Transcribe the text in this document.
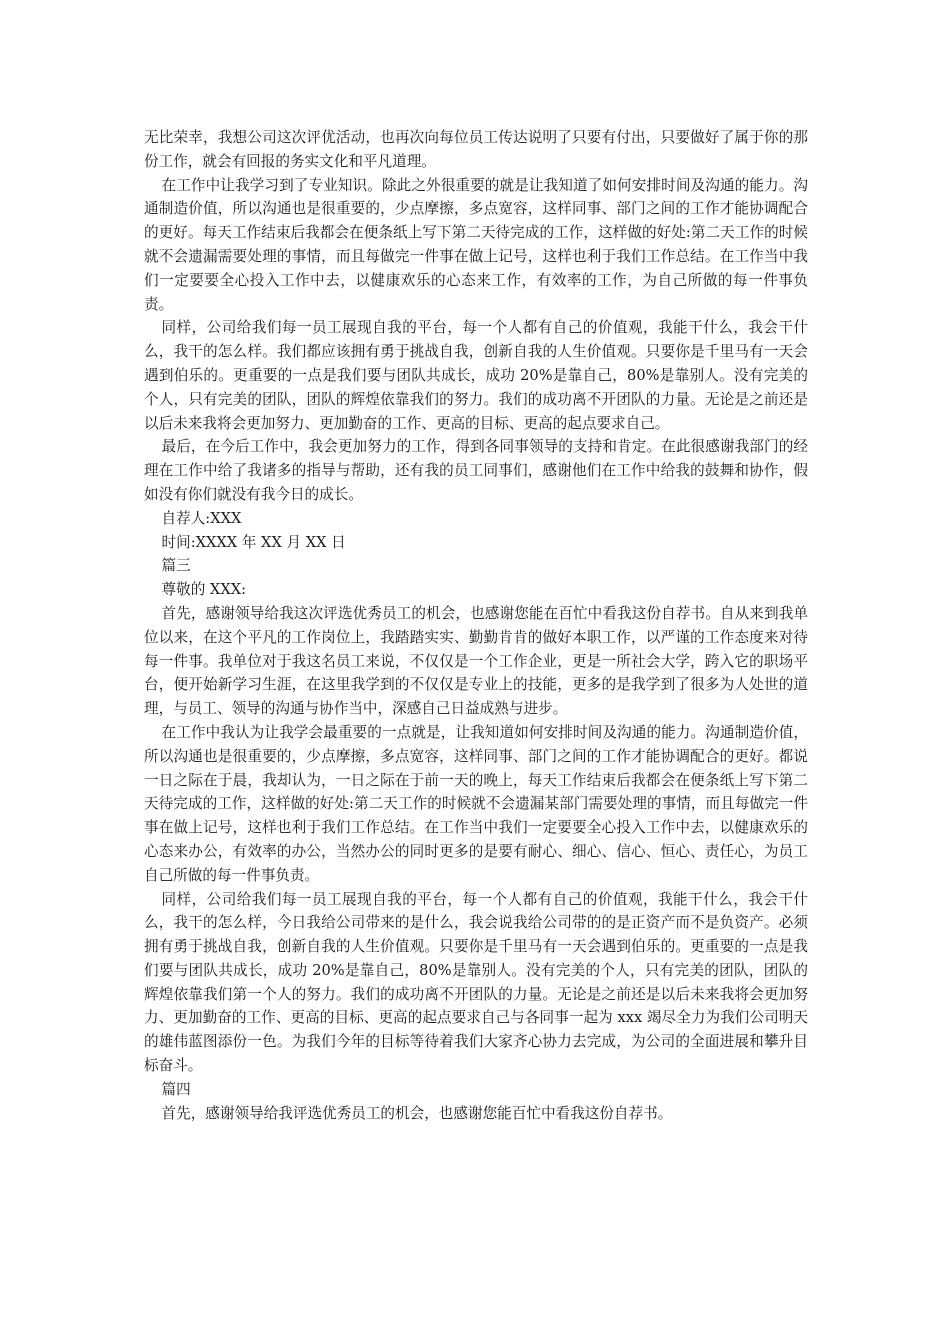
无比荣幸，我想公司这次评优活动，也再次向每位员工传达说明了只要有付出，只要做好了属于你的那份工作，就会有回报的务实文化和平凡道理。

在工作中让我学习到了专业知识。除此之外很重要的就是让我知道了如何安排时间及沟通的能力。沟通制造价值，所以沟通也是很重要的，少点摩擦，多点宽容，这样同事、部门之间的工作才能协调配合的更好。每天工作结束后我都会在便条纸上写下第二天待完成的工作，这样做的好处:第二天工作的时候就不会遗漏需要处理的事情，而且每做完一件事在做上记号，这样也利于我们工作总结。在工作当中我们一定要要全心投入工作中去，以健康欢乐的心态来工作，有效率的工作，为自己所做的每一件事负责。

同样，公司给我们每一员工展现自我的平台，每一个人都有自己的价值观，我能干什么，我会干什么，我干的怎么样。我们都应该拥有勇于挑战自我，创新自我的人生价值观。只要你是千里马有一天会遇到伯乐的。更重要的一点是我们要与团队共成长，成功 20%是靠自己，80%是靠别人。没有完美的个人，只有完美的团队，团队的辉煌依靠我们的努力。我们的成功离不开团队的力量。无论是之前还是以后未来我将会更加努力、更加勤奋的工作、更高的目标、更高的起点要求自己。

最后，在今后工作中，我会更加努力的工作，得到各同事领导的支持和肯定。在此很感谢我部门的经理在工作中给了我诸多的指导与帮助，还有我的员工同事们，感谢他们在工作中给我的鼓舞和协作，假如没有你们就没有我今日的成长。

自荐人:XXX

时间:XXXX 年 XX 月 XX 日

篇三

尊敬的 XXX:

首先，感谢领导给我这次评选优秀员工的机会，也感谢您能在百忙中看我这份自荐书。自从来到我单位以来，在这个平凡的工作岗位上，我踏踏实实、勤勤肯肯的做好本职工作，以严谨的工作态度来对待每一件事。我单位对于我这名员工来说，不仅仅是一个工作企业，更是一所社会大学，跨入它的职场平台，便开始新学习生涯，在这里我学到的不仅仅是专业上的技能，更多的是我学到了很多为人处世的道理，与员工、领导的沟通与协作当中，深感自己日益成熟与进步。

在工作中我认为让我学会最重要的一点就是，让我知道如何安排时间及沟通的能力。沟通制造价值，所以沟通也是很重要的，少点摩擦，多点宽容，这样同事、部门之间的工作才能协调配合的更好。都说一日之际在于晨，我却认为，一日之际在于前一天的晚上，每天工作结束后我都会在便条纸上写下第二天待完成的工作，这样做的好处:第二天工作的时候就不会遗漏某部门需要处理的事情，而且每做完一件事在做上记号，这样也利于我们工作总结。在工作当中我们一定要要全心投入工作中去，以健康欢乐的心态来办公，有效率的办公，当然办公的同时更多的是要有耐心、细心、信心、恒心、责任心，为员工自己所做的每一件事负责。

同样，公司给我们每一员工展现自我的平台，每一个人都有自己的价值观，我能干什么，我会干什么，我干的怎么样，今日我给公司带来的是什么，我会说我给公司带的的是正资产而不是负资产。必须拥有勇于挑战自我，创新自我的人生价值观。只要你是千里马有一天会遇到伯乐的。更重要的一点是我们要与团队共成长，成功 20%是靠自己，80%是靠别人。没有完美的个人，只有完美的团队，团队的辉煌依靠我们第一个人的努力。我们的成功离不开团队的力量。无论是之前还是以后未来我将会更加努力、更加勤奋的工作、更高的目标、更高的起点要求自己与各同事一起为 xxx 竭尽全力为我们公司明天的雄伟蓝图添份一色。为我们今年的目标等待着我们大家齐心协力去完成，为公司的全面进展和攀升目标奋斗。

篇四

首先，感谢领导给我评选优秀员工的机会，也感谢您能百忙中看我这份自荐书。
